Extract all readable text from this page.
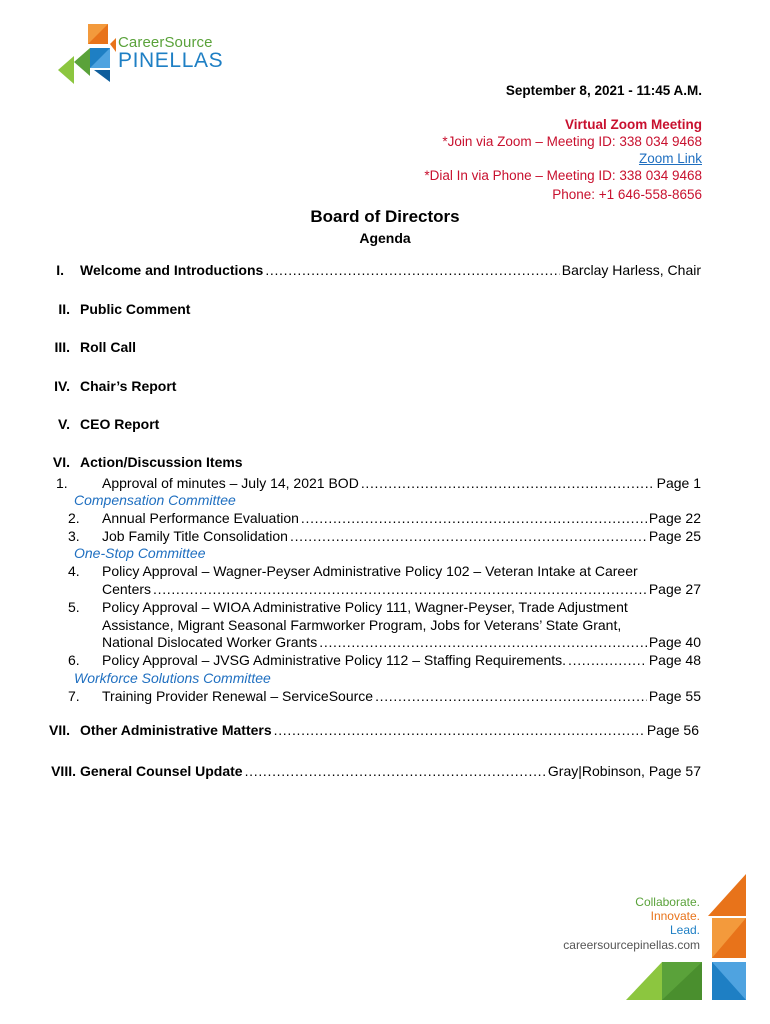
CareerSource
PINELLAS
September 8, 2021 - 11:45 A.M.
Virtual Zoom Meeting
*Join via Zoom – Meeting ID: 338 034 9468
Zoom Link
*Dial In via Phone – Meeting ID: 338 034 9468
Phone: +1 646-558-8656
Board of Directors
Agenda
I. Welcome and Introductions . . .	Barclay Harless, Chair
II. Public Comment
III. Roll Call
IV. Chair’s Report
V. CEO Report
VI. Action/Discussion Items
1. Approval of minutes – July 14, 2021 BOD . . .	Page 1
Compensation Committee
2. Annual Performance Evaluation . . .	Page 22
3. Job Family Title Consolidation . . .	Page 25
One-Stop Committee
4. Policy Approval – Wagner-Peyser Administrative Policy 102 – Veteran Intake at Career
Centers . . .	Page 27
5. Policy Approval – WIOA Administrative Policy 111, Wagner-Peyser, Trade Adjustment
Assistance, Migrant Seasonal Farmworker Program, Jobs for Veterans’ State Grant,
National Dislocated Worker Grants . . .	Page 40
6. Policy Approval – JVSG Administrative Policy 112 – Staffing Requirements. . . .	Page 48
Workforce Solutions Committee
7. Training Provider Renewal – ServiceSource . . .	Page 55
VII. Other Administrative Matters . . .	Page 56
VIII. General Counsel Update . . .	Gray|Robinson, Page 57
Collaborate.
Innovate.
Lead.
careersourcepinellas.com
